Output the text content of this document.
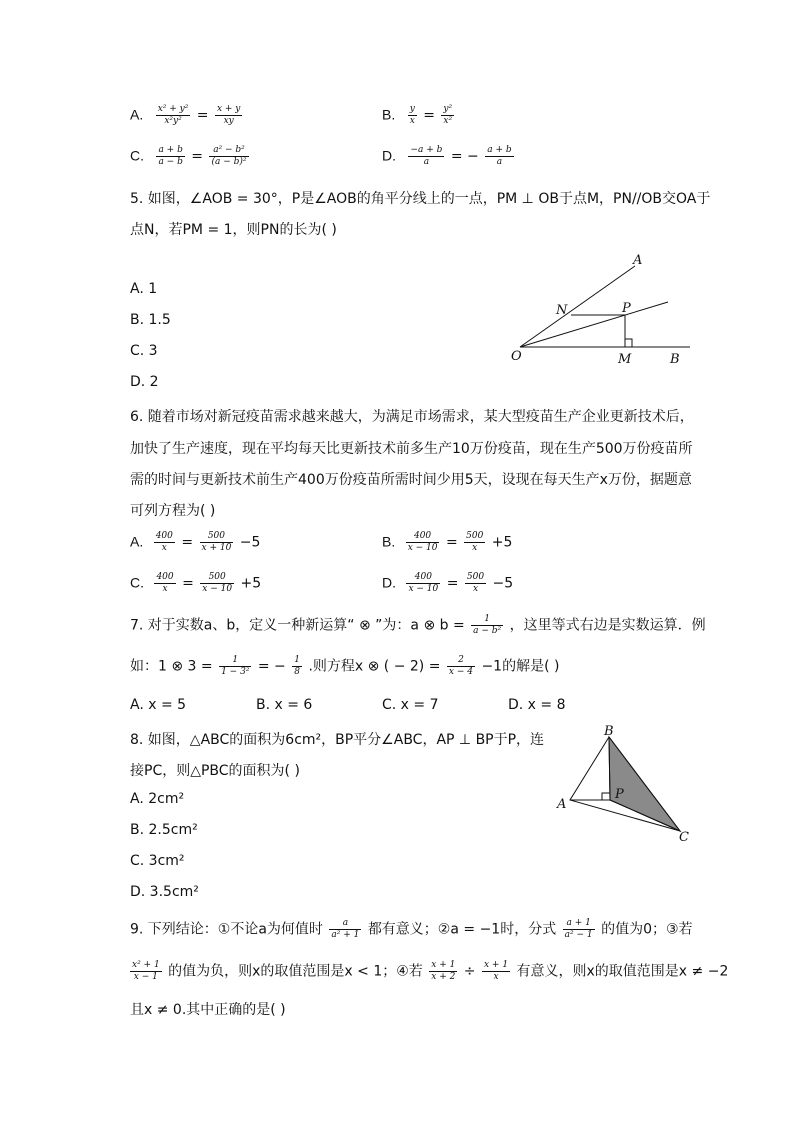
A. $\frac{\text{x² + y²}}{\text{x²y²}} = \frac{x + y}{xy}$	B. $\frac{y}{x} = \frac{\text{y²}}{\text{x²}}$
C. $\frac{a + b}{a - b} = \frac{\text{a² − b²}}{\text{(a − b)²}}$	D. $\frac{-a + b}{a}$ = − $\frac{a + b}{a}$
5. 如图，∠AOB = 30°，P是∠AOB的角平分线上的一点，PM ⊥ OB于点M，PN//OB交OA于
点N，若PM = 1，则PN的长为( )
A. 1
B. 1.5
C. 3
D. 2
A
N	P
O	M	B
6. 随着市场对新冠疫苗需求越来越大，为满足市场需求，某大型疫苗生产企业更新技术后，
加快了生产速度，现在平均每天比更新技术前多生产10万份疫苗，现在生产500万份疫苗所
需的时间与更新技术前生产400万份疫苗所需时间少用5天，设现在每天生产x万份，据题意
可列方程为( )
A. $\frac{400}{x} = \frac{500}{x + 10} -5$	B. $\frac{400}{x - 10} = \frac{500}{x} +5$
C. $\frac{400}{x} = \frac{500}{x - 10} +5$	D. $\frac{400}{x - 10} = \frac{500}{x} -5$
7. 对于实数a、b，定义一种新运算“ ⊗ ”为：a ⊗ $b = \frac{1}{\text{a − b²}}$ ，这里等式右边是实数运算．例
如：1 ⊗ $3 = \frac{1}{\text{1 − 3²}}$ = − $\frac{1}{8}$ .则方程x ⊗ ( − $2) = \frac{2}{x - 4} -1$的解是( )
A. x = 5	B. x = 6	C. x = 7	D. x = 8
8. 如图，△ABC的面积为6cm²，BP平分∠ABC，AP ⊥ BP于P，连
接PC，则△PBC的面积为( )
A. 2cm²
B. 2.5cm²
C. 3cm²
D. 3.5cm²
B
P
A
C
9. 下列结论：①不论a为何值时 $\frac{a}{\text{a² + 1}}$ 都有意义；②a = −1时，分式 $\frac{a + 1}{\text{a² − 1}}$ 的值为0；③若
$\frac{\text{x² + 1}}{x - 1}$ 的值为负，则x的取值范围是x < 1；④若 $\frac{x + 1}{x + 2} \div \frac{x + 1}{x}$ 有意义，则x的取值范围是x ≠ −2
且x ≠ 0.其中正确的是( )
